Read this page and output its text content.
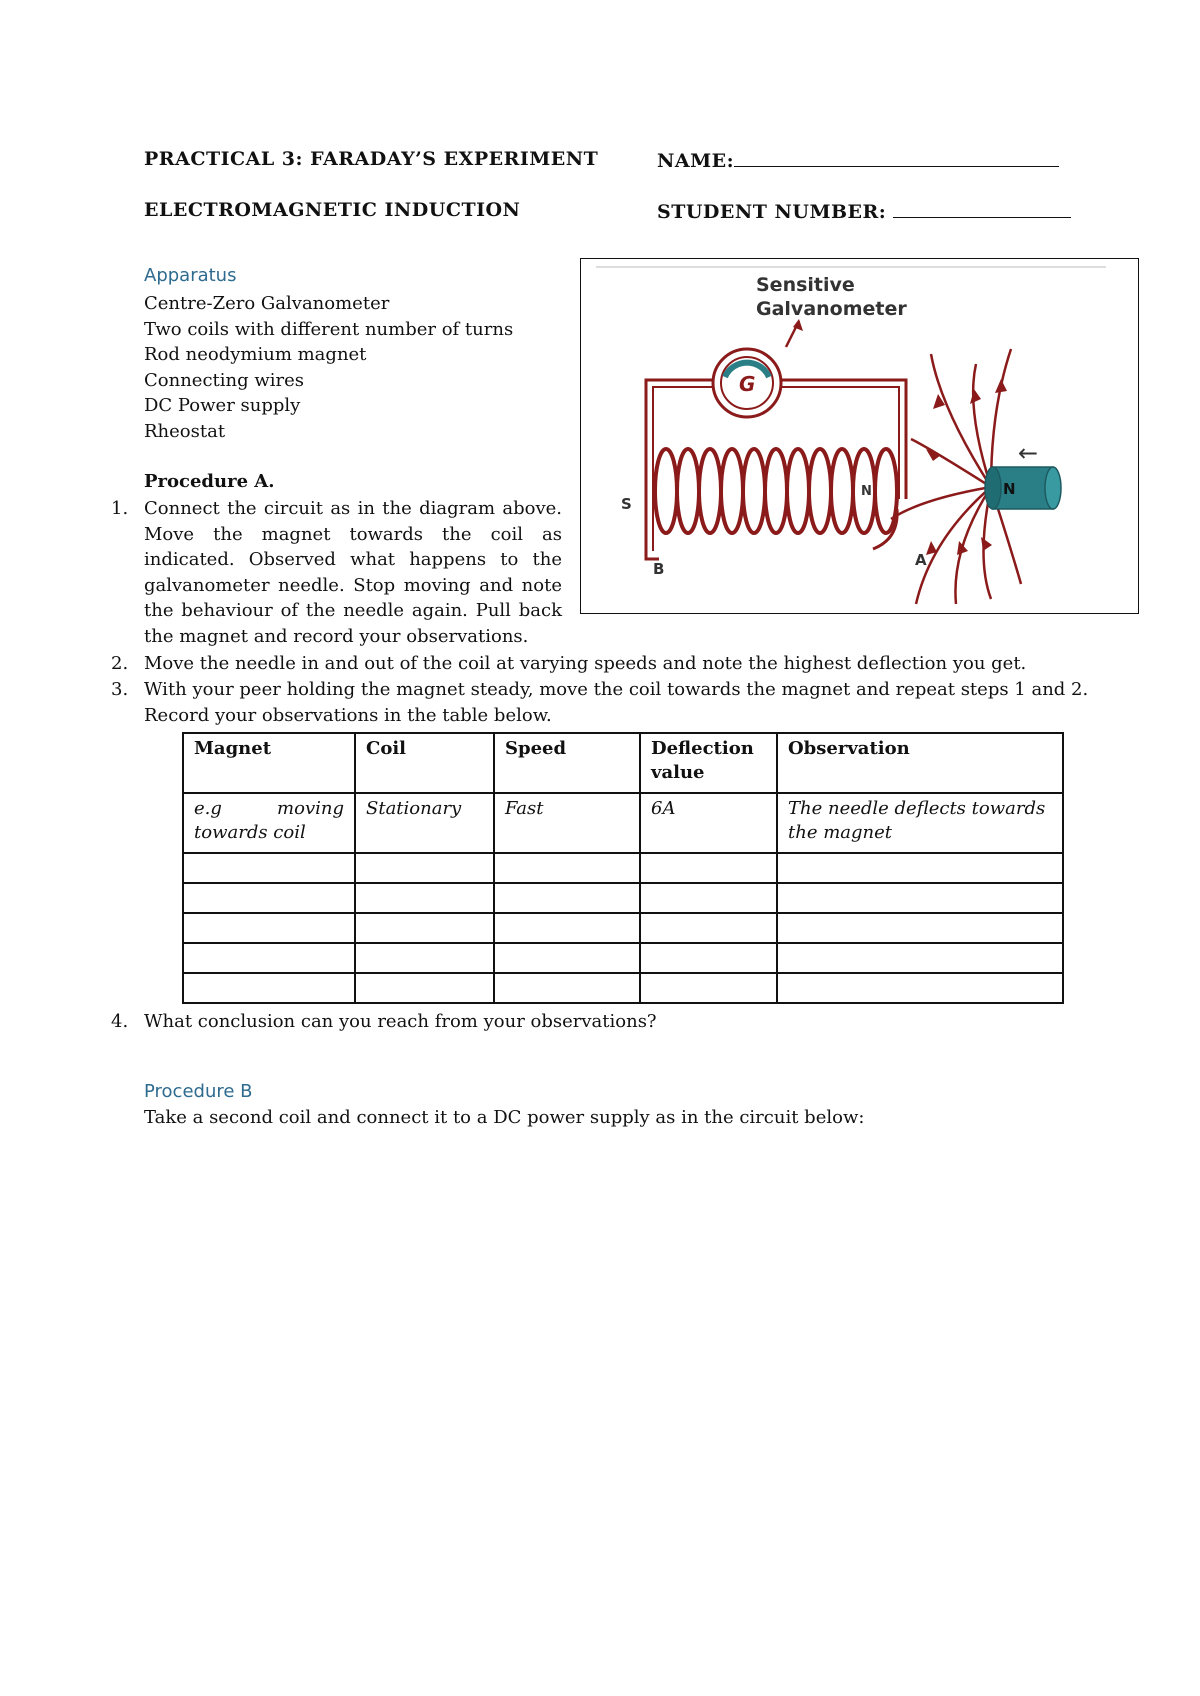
PRACTICAL 3: FARADAY’S EXPERIMENT	NAME:
ELECTROMAGNETIC INDUCTION	STUDENT NUMBER:
Apparatus
Centre-Zero Galvanometer
Two coils with different number of turns
Rod neodymium magnet
Connecting wires
DC Power supply
Rheostat
Sensitive
Galvanometer
G
S
N
B	A
N
←
Procedure A.
1. Connect the circuit as in the diagram above. Move the magnet towards the coil as indicated. Observed what happens to the galvanometer needle. Stop moving and note the behaviour of the needle again. Pull back the magnet and record your observations.
2. Move the needle in and out of the coil at varying speeds and note the highest deflection you get.
3. With your peer holding the magnet steady, move the coil towards the magnet and repeat steps 1 and 2.
Record your observations in the table below.
Magnet	Coil	Speed	Deflection value	Observation
e.g moving towards coil	Stationary	Fast	6A	The needle deflects towards the magnet

4. What conclusion can you reach from your observations?
Procedure B
Take a second coil and connect it to a DC power supply as in the circuit below:
